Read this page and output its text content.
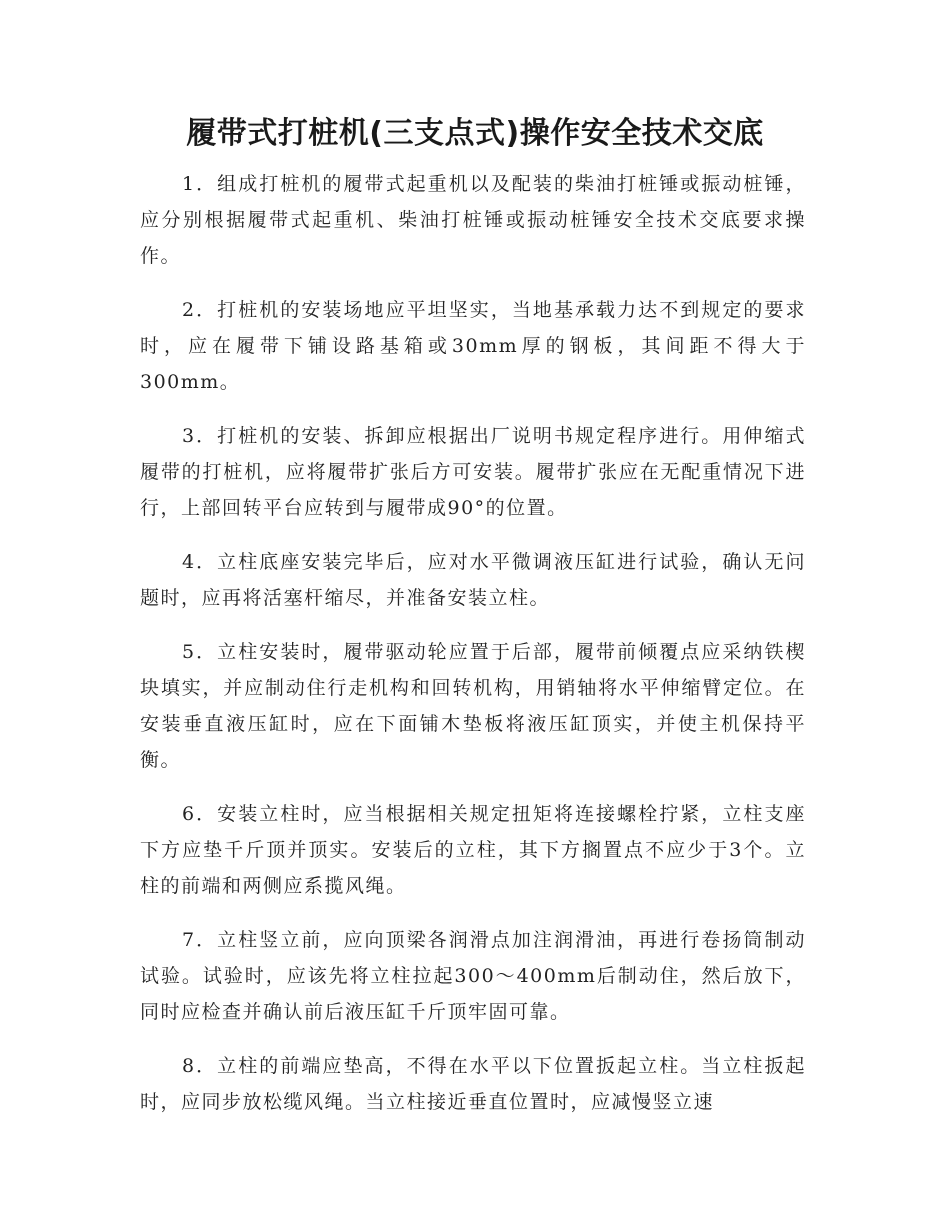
履带式打桩机(三支点式)操作安全技术交底

1．组成打桩机的履带式起重机以及配装的柴油打桩锤或振动桩锤，应分别根据履带式起重机、柴油打桩锤或振动桩锤安全技术交底要求操作。

2．打桩机的安装场地应平坦坚实，当地基承载力达不到规定的要求时，应在履带下铺设路基箱或30mm厚的钢板，其间距不得大于300mm。

3．打桩机的安装、拆卸应根据出厂说明书规定程序进行。用伸缩式履带的打桩机，应将履带扩张后方可安装。履带扩张应在无配重情况下进行，上部回转平台应转到与履带成90°的位置。

4．立柱底座安装完毕后，应对水平微调液压缸进行试验，确认无问题时，应再将活塞杆缩尽，并准备安装立柱。

5．立柱安装时，履带驱动轮应置于后部，履带前倾覆点应采纳铁楔块填实，并应制动住行走机构和回转机构，用销轴将水平伸缩臂定位。在安装垂直液压缸时，应在下面铺木垫板将液压缸顶实，并使主机保持平衡。

6．安装立柱时，应当根据相关规定扭矩将连接螺栓拧紧，立柱支座下方应垫千斤顶并顶实。安装后的立柱，其下方搁置点不应少于3个。立柱的前端和两侧应系揽风绳。

7．立柱竖立前，应向顶梁各润滑点加注润滑油，再进行卷扬筒制动试验。试验时，应该先将立柱拉起300～400mm后制动住，然后放下，同时应检查并确认前后液压缸千斤顶牢固可靠。

8．立柱的前端应垫高，不得在水平以下位置扳起立柱。当立柱扳起时，应同步放松缆风绳。当立柱接近垂直位置时，应减慢竖立速
